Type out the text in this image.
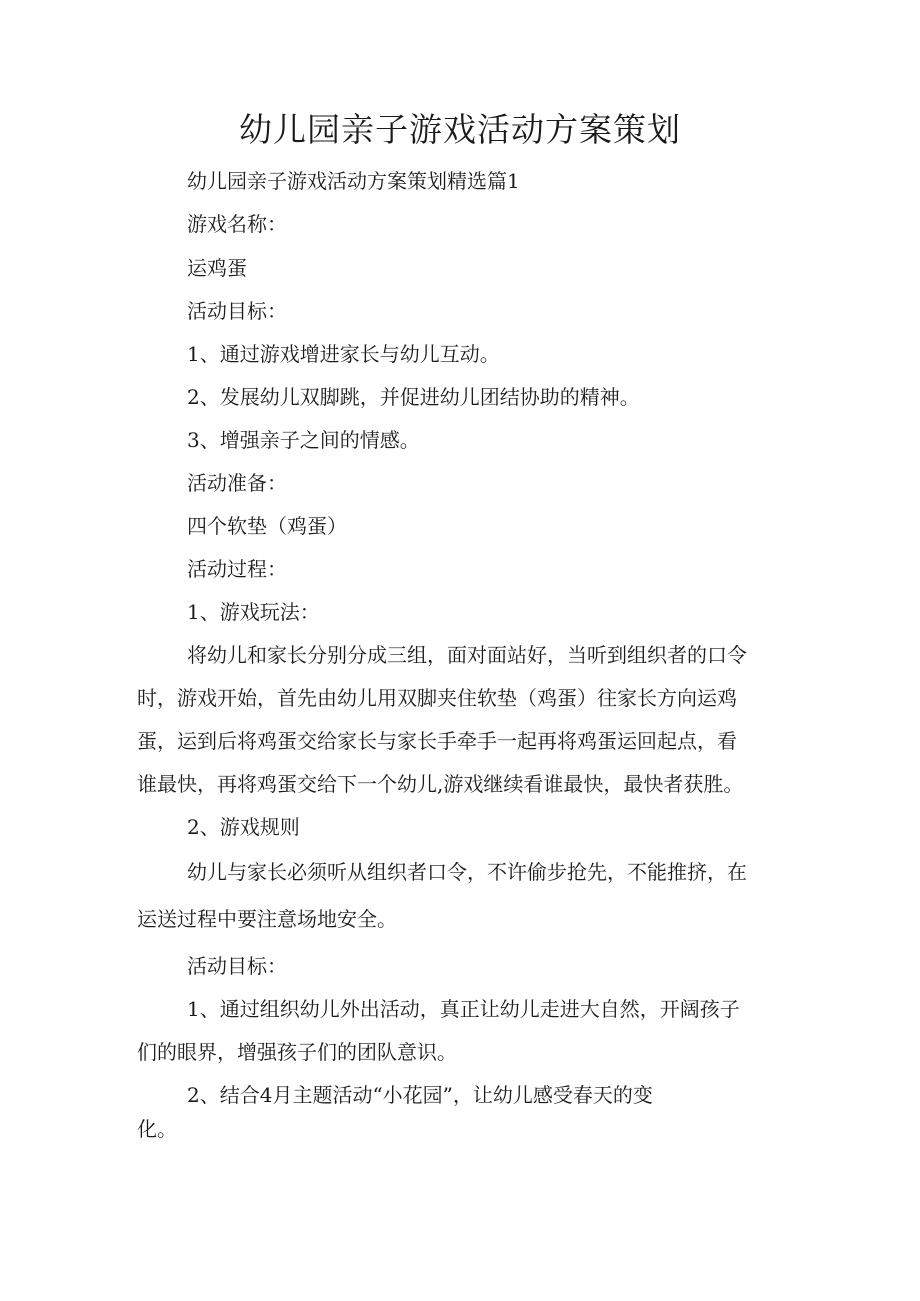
幼儿园亲子游戏活动方案策划

幼儿园亲子游戏活动方案策划精选篇1

游戏名称：

运鸡蛋

活动目标：

1、通过游戏增进家长与幼儿互动。

2、发展幼儿双脚跳，并促进幼儿团结协助的精神。

3、增强亲子之间的情感。

活动准备：

四个软垫（鸡蛋）

活动过程：

1、游戏玩法：

将幼儿和家长分别分成三组，面对面站好，当听到组织者的口令

时，游戏开始，首先由幼儿用双脚夹住软垫（鸡蛋）往家长方向运鸡

蛋，运到后将鸡蛋交给家长与家长手牵手一起再将鸡蛋运回起点，看

谁最快，再将鸡蛋交给下一个幼儿,游戏继续看谁最快，最快者获胜。

2、游戏规则

幼儿与家长必须听从组织者口令，不许偷步抢先，不能推挤，在

运送过程中要注意场地安全。

活动目标：

1、通过组织幼儿外出活动，真正让幼儿走进大自然，开阔孩子

们的眼界，增强孩子们的团队意识。

2、结合4月主题活动“小花园”，让幼儿感受春天的变

化。
